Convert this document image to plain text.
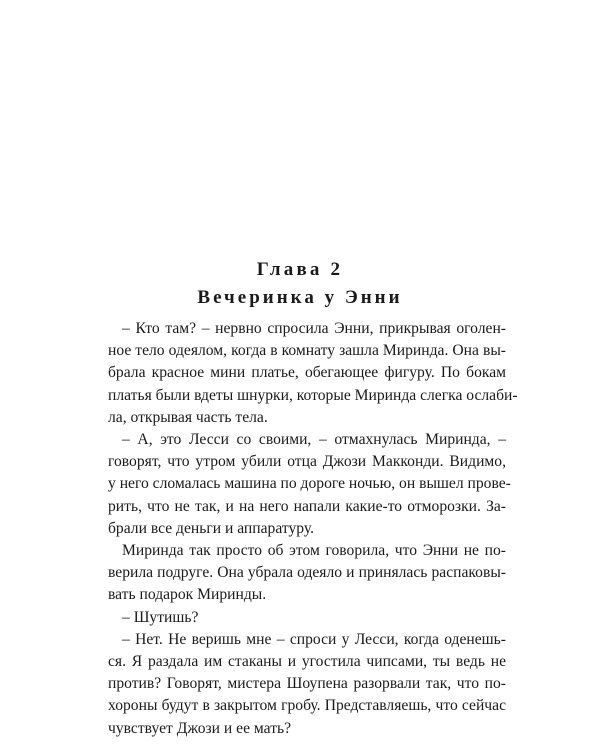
Глава 2
Вечеринка у Энни
– Кто там? – нервно спросила Энни, прикрывая оголен-
ное тело одеялом, когда в комнату зашла Миринда. Она вы-
брала красное мини платье, обегающее фигуру. По бокам
платья были вдеты шнурки, которые Миринда слегка ослаби-
ла, открывая часть тела.
– А, это Лесси со своими, – отмахнулась Миринда, –
говорят, что утром убили отца Джози Макконди. Видимо,
у него сломалась машина по дороге ночью, он вышел прове-
рить, что не так, и на него напали какие-то отморозки. За-
брали все деньги и аппаратуру.
Миринда так просто об этом говорила, что Энни не по-
верила подруге. Она убрала одеяло и принялась распаковы-
вать подарок Миринды.
– Шутишь?
– Нет. Не веришь мне – спроси у Лесси, когда оденешь-
ся. Я раздала им стаканы и угостила чипсами, ты ведь не
против? Говорят, мистера Шоупена разорвали так, что по-
хороны будут в закрытом гробу. Представляешь, что сейчас
чувствует Джози и ее мать?
